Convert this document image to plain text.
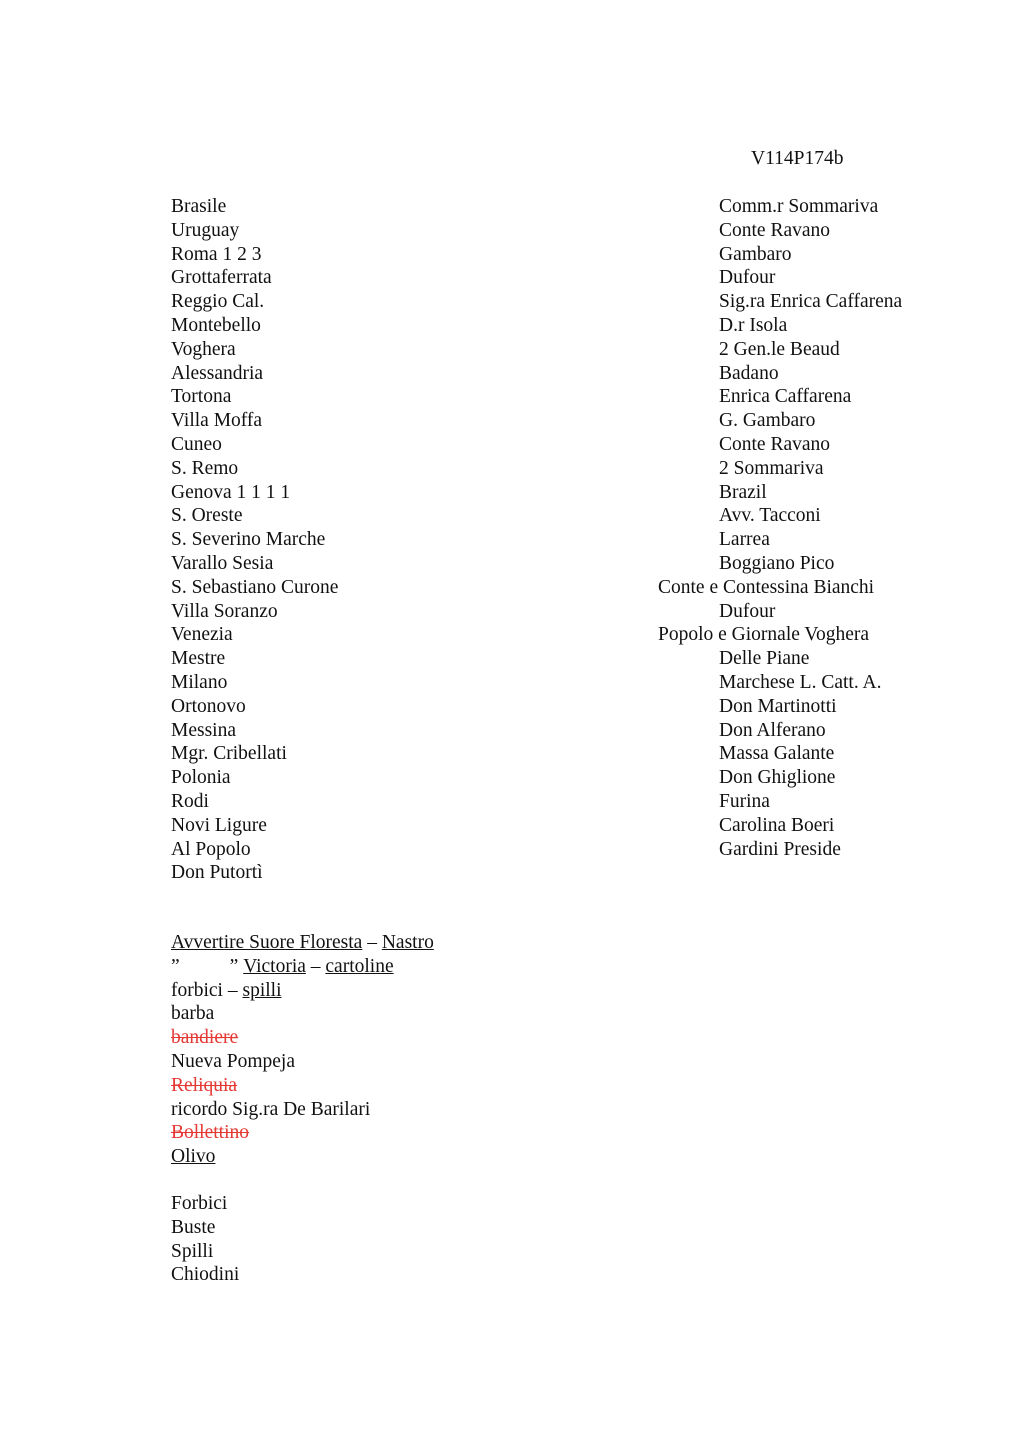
V114P174b
Brasile
Uruguay
Roma 1 2 3
Grottaferrata
Reggio Cal.
Montebello
Voghera
Alessandria
Tortona
Villa Moffa
Cuneo
S. Remo
Genova 1 1 1 1
S. Oreste
S. Severino Marche
Varallo Sesia
S. Sebastiano Curone
Villa Soranzo
Venezia
Mestre
Milano
Ortonovo
Messina
Mgr. Cribellati
Polonia
Rodi
Novi Ligure
Al Popolo
Don Putortì
Comm.r Sommariva
Conte Ravano
Gambaro
Dufour
Sig.ra Enrica Caffarena
D.r Isola
2 Gen.le Beaud
Badano
Enrica Caffarena
G. Gambaro
Conte Ravano
2 Sommariva
Brazil
Avv. Tacconi
Larrea
Boggiano Pico
Conte e Contessina Bianchi
Dufour
Popolo e Giornale Voghera
Delle Piane
Marchese L. Catt. A.
Don Martinotti
Don Alferano
Massa Galante
Don Ghiglione
Furina
Carolina Boeri
Gardini Preside
Avvertire Suore Floresta – Nastro
”	” Victoria – cartoline
forbici – spilli
barba
bandiere
Nueva Pompeja
Reliquia
ricordo Sig.ra De Barilari
Bollettino
Olivo
Forbici
Buste
Spilli
Chiodini
